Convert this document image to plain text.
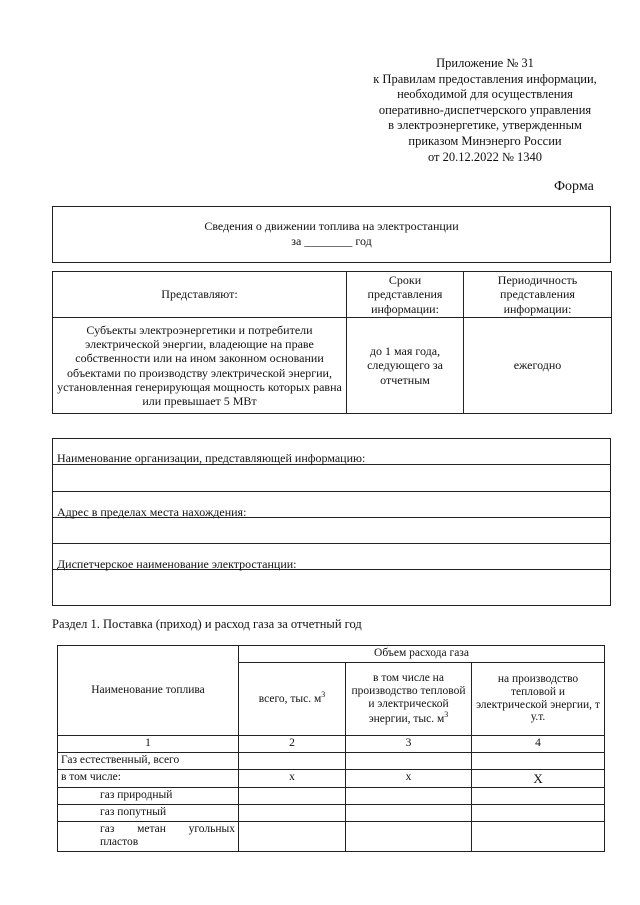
Приложение № 31
к Правилам предоставления информации,
необходимой для осуществления
оперативно-диспетчерского управления
в электроэнергетике, утвержденным
приказом Минэнерго России
от 20.12.2022 № 1340
Форма
Сведения о движении топлива на электростанции
за ________ год
Представляют:	Сроки представления информации:	Периодичность представления информации:
Субъекты электроэнергетики и потребители электрической энергии, владеющие на праве собственности или на ином законном основании объектами по производству электрической энергии, установленная генерирующая мощность которых равна или превышает 5 МВт	до 1 мая года, следующего за отчетным	ежегодно
Наименование организации, представляющей информацию:
Адрес в пределах места нахождения:
Диспетчерское наименование электростанции:
Раздел 1. Поставка (приход) и расход газа за отчетный год
Наименование топлива	Объем расхода газа		
	всего, тыс. $м^3$	в том числе на производство тепловой и электрической энергии, тыс. $м^3$	на производство тепловой и электрической энергии, т у.т.
1	2	3	4
Газ естественный, всего			
в том числе:	x	x	X
газ природный			
газ попутный			
газ метан угольных пластов			
